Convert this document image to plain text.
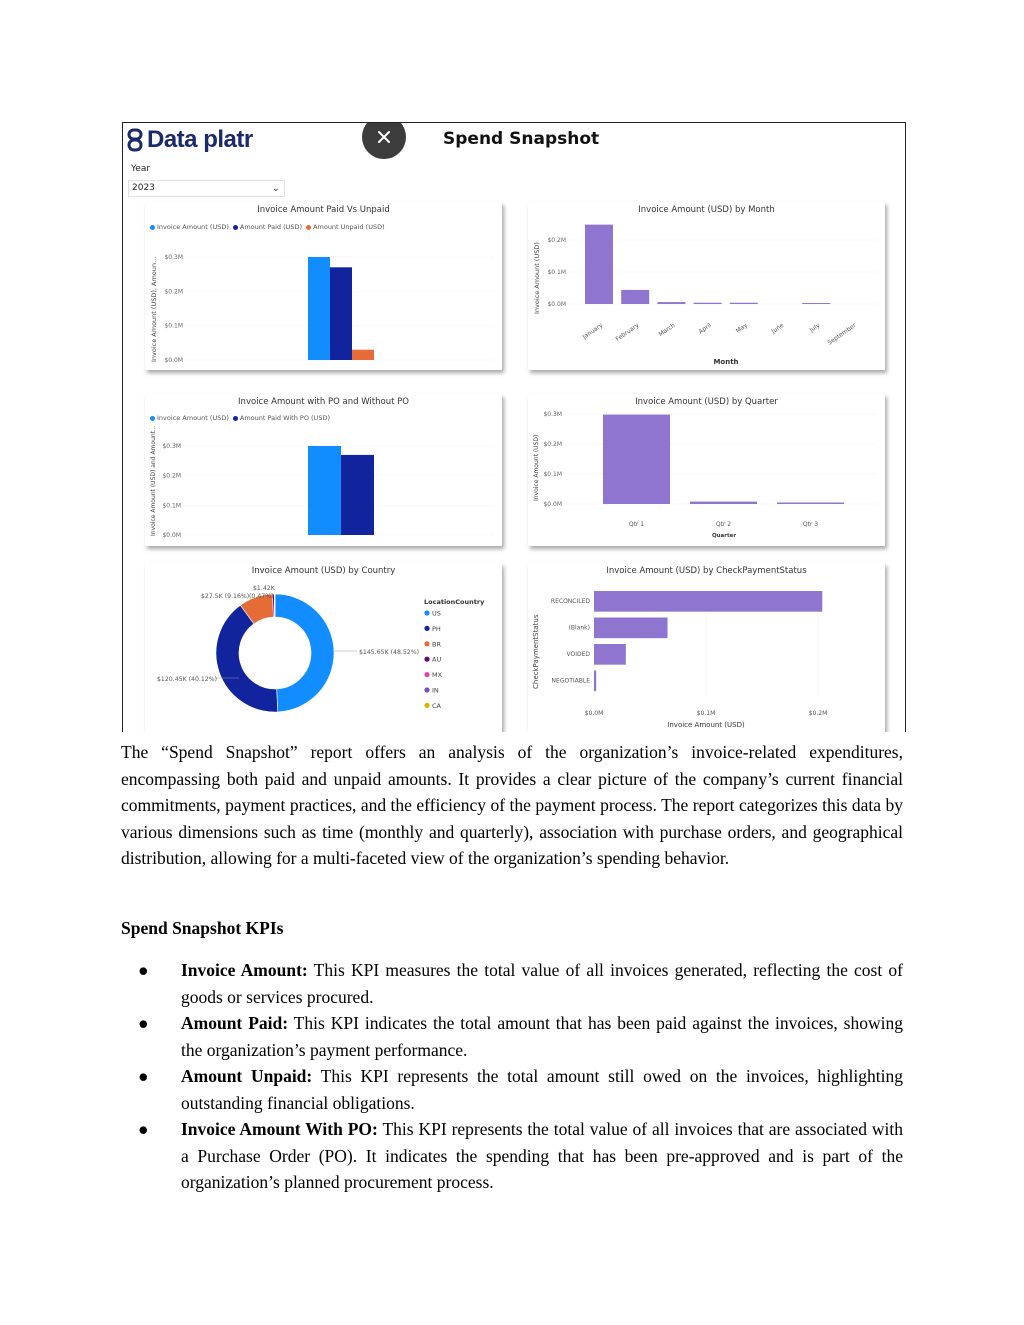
Data platr	Spend Snapshot
Year
2023	⌄
Invoice Amount Paid Vs Unpaid
Invoice Amount (USD) Amount Paid (USD) Amount Unpaid (USD)
Invoice Amount (USD), Amoun... $0.0M
$0.1M
$0.2M
$0.3M
Invoice Amount (USD) by Month
Invoice Amount (USD) $0.0M
$0.1M
$0.2M
January February	March	April	May	June	July September
Month
Invoice Amount with PO and Without PO
Invoice Amount (USD) Amount Paid With PO (USD)
Invoice Amount (USD) and Amount... $0.0M
$0.1M
$0.2M
$0.3M
Invoice Amount (USD) by Quarter
Invoice Amount (USD)
$0.0M
$0.1M
$0.2M
$0.3M
Qtr 1	Qtr 2	Qtr 3
Quarter
Invoice Amount (USD) by Country
$145.65K (48.52%)
$120.45K (40.12%)
$27.5K (9.16%)
$1.42K
(0.47%)
LocationCountry
US
PH
BR
AU
MX
IN
CA
Invoice Amount (USD) by CheckPaymentStatus
CheckPaymentStatus
$0.0M	$0.1M	$0.2M
RECONCILED
(Blank)
VOIDED
NEGOTIABLE
Invoice Amount (USD)
The “Spend Snapshot” report offers an analysis of the organization’s invoice-related expenditures, encompassing both paid and unpaid amounts. It provides a clear picture of the company’s current financial commitments, payment practices, and the efficiency of the payment process. The report categorizes this data by various dimensions such as time (monthly and quarterly), association with purchase orders, and geographical distribution, allowing for a multi-faceted view of the organization’s spending behavior.
Spend Snapshot KPIs
● Invoice Amount: This KPI measures the total value of all invoices generated, reflecting the cost of goods or services procured.
● Amount Paid: This KPI indicates the total amount that has been paid against the invoices, showing the organization’s payment performance.
● Amount Unpaid: This KPI represents the total amount still owed on the invoices, highlighting outstanding financial obligations.
● Invoice Amount With PO: This KPI represents the total value of all invoices that are associated with a Purchase Order (PO). It indicates the spending that has been pre-approved and is part of the organization’s planned procurement process.
